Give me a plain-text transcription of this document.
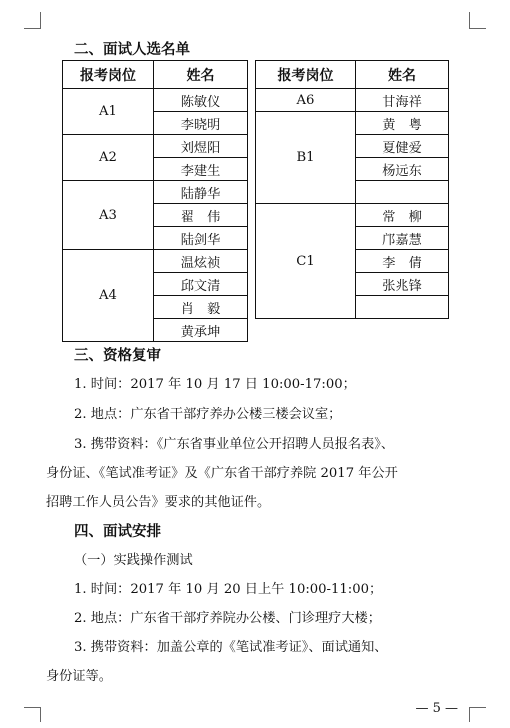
二、面试人选名单
报考岗位	姓名
A1	陈敏仪
	李晓明
A2	刘煜阳
	李建生
A3	陆静华
	翟　伟
	陆剑华
A4	温炫祯
	邱文清
	肖　毅
	黄承坤
报考岗位	姓名
A6	甘海祥

B1	黄　粤
	夏健爱
	杨远东

C1	常　柳
	邝嘉慧
	李　倩
	张兆锋

三、资格复审
1. 时间：2017 年 10 月 17 日 10:00-17:00；
2. 地点：广东省干部疗养办公楼三楼会议室；
3. 携带资料：《广东省事业单位公开招聘人员报名表》、
身份证、《笔试准考证》及《广东省干部疗养院 2017 年公开
招聘工作人员公告》要求的其他证件。
四、面试安排
（一）实践操作测试
1. 时间：2017 年 10 月 20 日上午 10:00-11:00；
2. 地点：广东省干部疗养院办公楼、门诊理疗大楼；
3. 携带资料：加盖公章的《笔试准考证》、面试通知、
身份证等。
— 5 —
